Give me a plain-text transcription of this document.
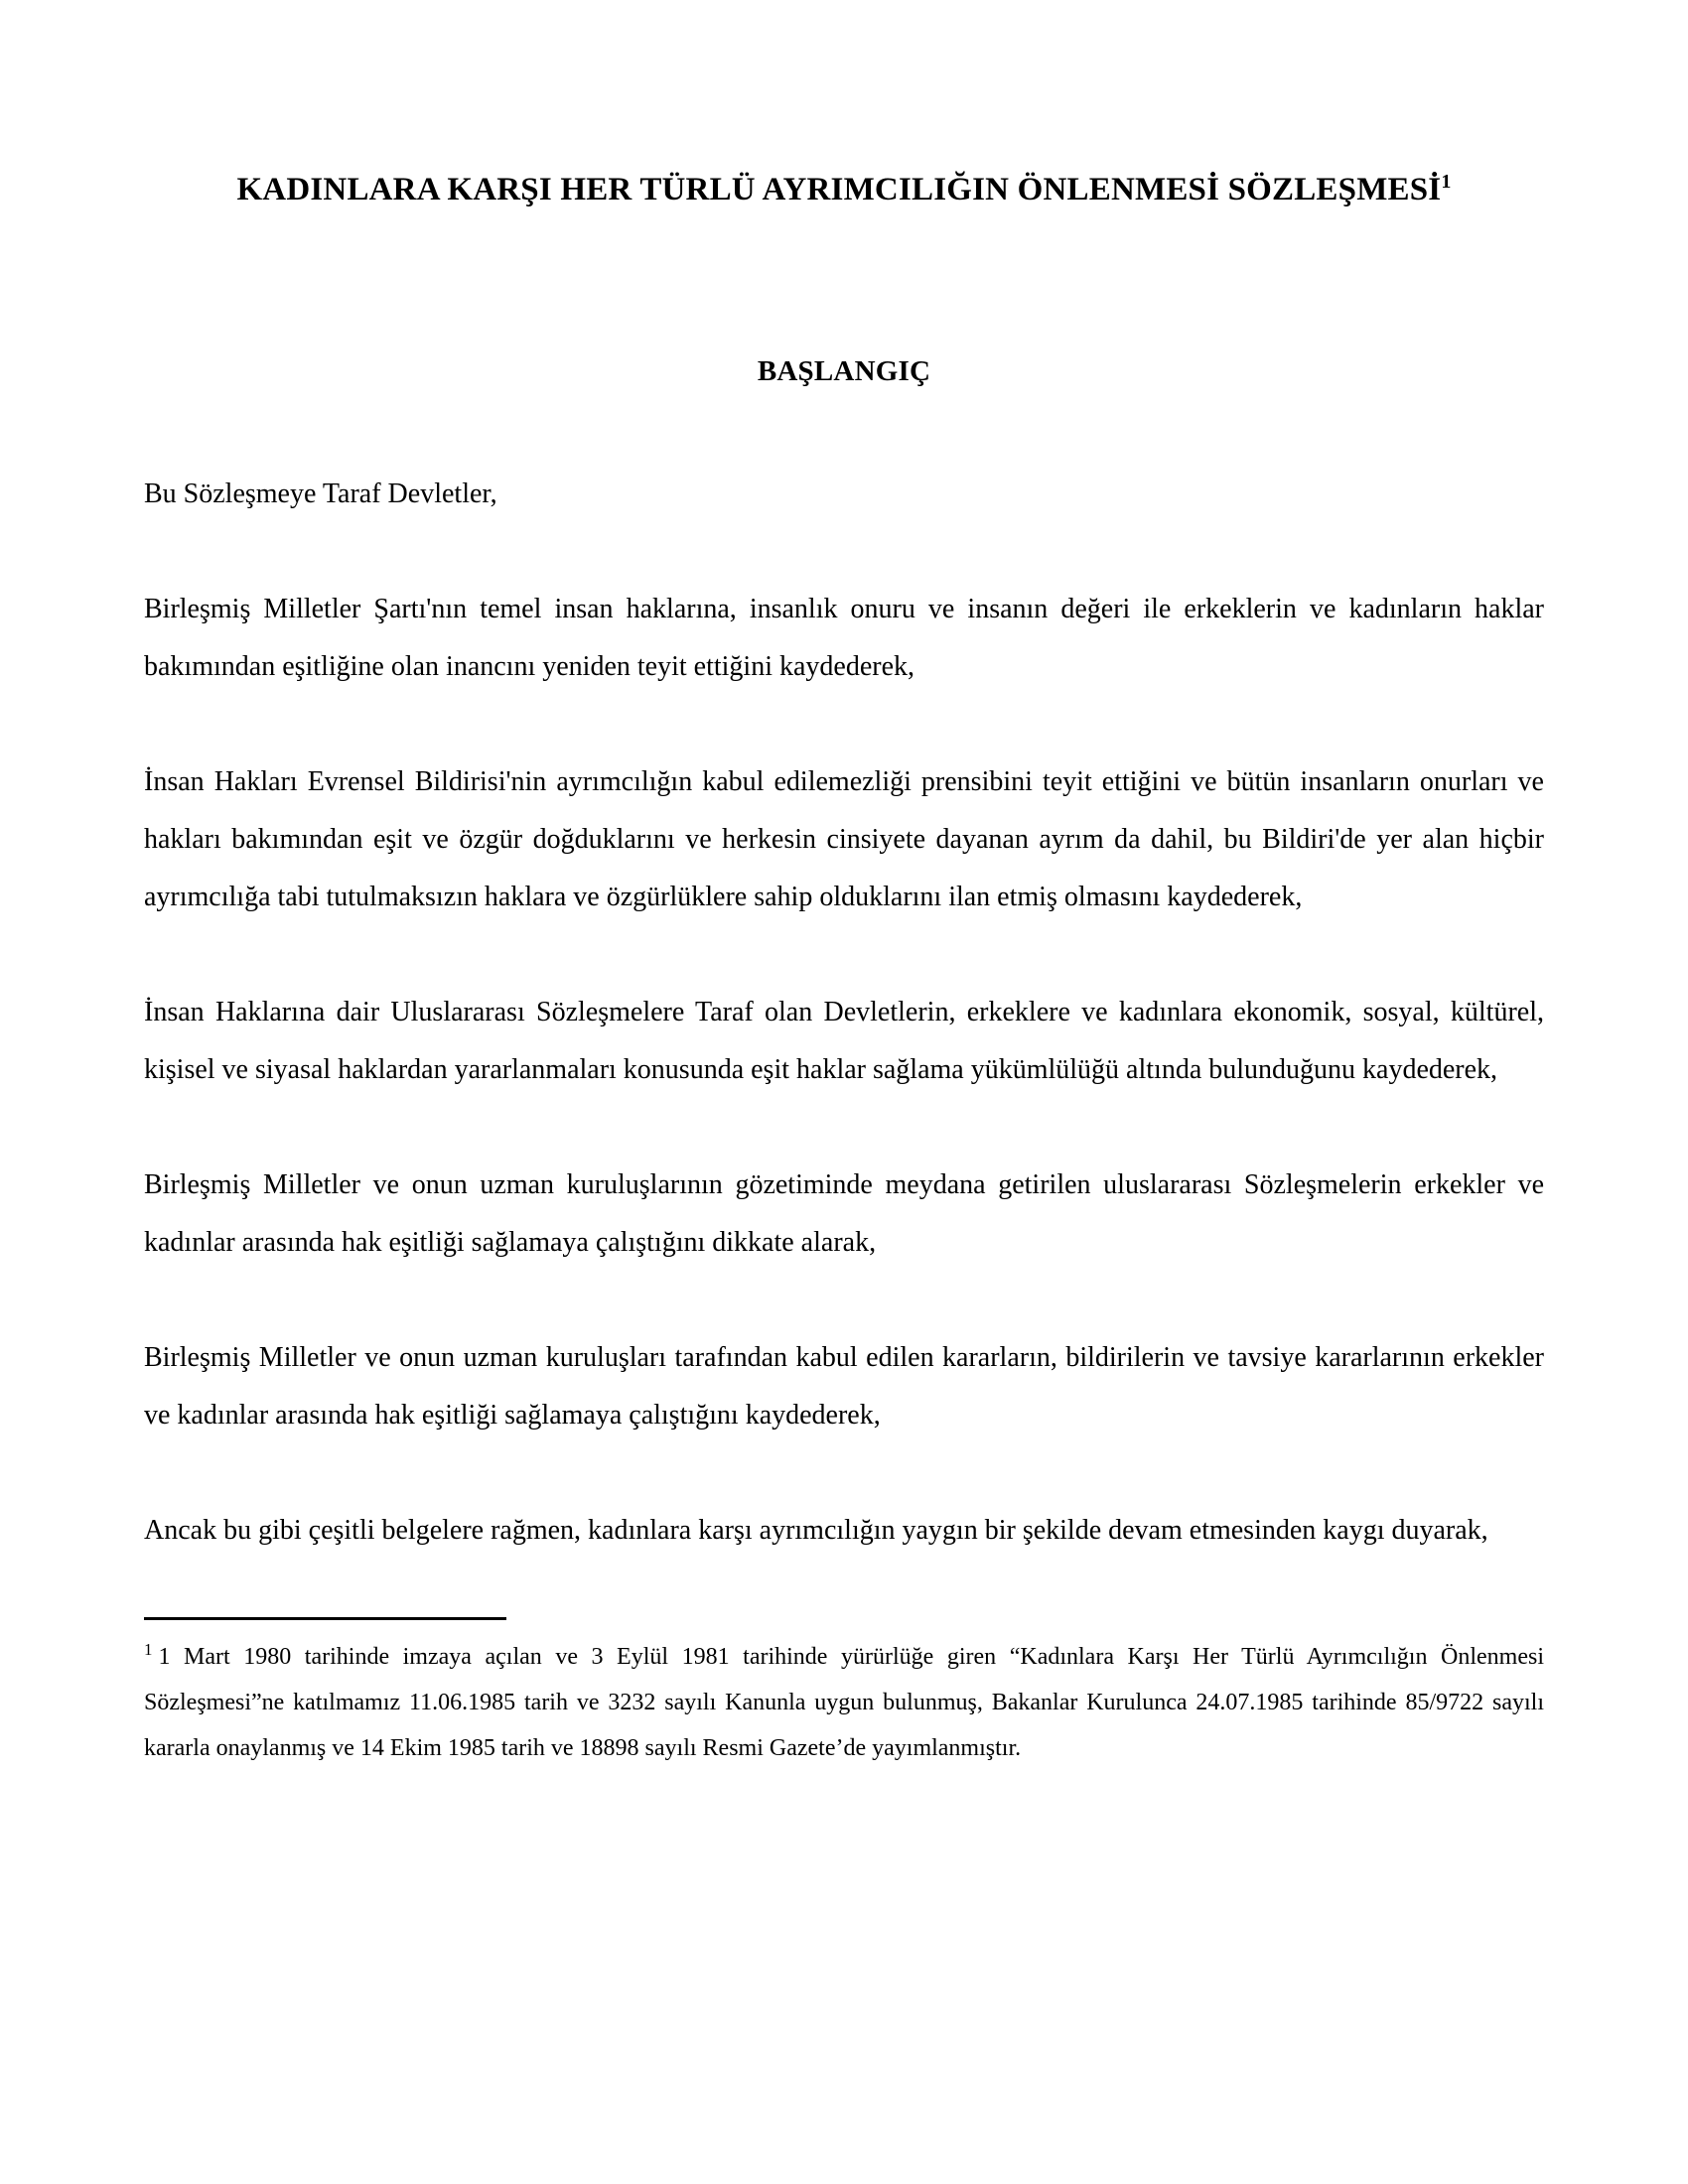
KADINLARA KARŞI HER TÜRLÜ AYRIMCILIĞIN ÖNLENMESİ SÖZLEŞMESİ$^1$
BAŞLANGIÇ

Bu Sözleşmeye Taraf Devletler,

Birleşmiş Milletler Şartı'nın temel insan haklarına, insanlık onuru ve insanın değeri ile erkeklerin ve kadınların haklar bakımından eşitliğine olan inancını yeniden teyit ettiğini kaydederek,

İnsan Hakları Evrensel Bildirisi'nin ayrımcılığın kabul edilemezliği prensibini teyit ettiğini ve bütün insanların onurları ve hakları bakımından eşit ve özgür doğduklarını ve herkesin cinsiyete dayanan ayrım da dahil, bu Bildiri'de yer alan hiçbir ayrımcılığa tabi tutulmaksızın haklara ve özgürlüklere sahip olduklarını ilan etmiş olmasını kaydederek,

İnsan Haklarına dair Uluslararası Sözleşmelere Taraf olan Devletlerin, erkeklere ve kadınlara ekonomik, sosyal, kültürel, kişisel ve siyasal haklardan yararlanmaları konusunda eşit haklar sağlama yükümlülüğü altında bulunduğunu kaydederek,

Birleşmiş Milletler ve onun uzman kuruluşlarının gözetiminde meydana getirilen uluslararası Sözleşmelerin erkekler ve kadınlar arasında hak eşitliği sağlamaya çalıştığını dikkate alarak,

Birleşmiş Milletler ve onun uzman kuruluşları tarafından kabul edilen kararların, bildirilerin ve tavsiye kararlarının erkekler ve kadınlar arasında hak eşitliği sağlamaya çalıştığını kaydederek,

Ancak bu gibi çeşitli belgelere rağmen, kadınlara karşı ayrımcılığın yaygın bir şekilde devam etmesinden kaygı duyarak,

$^1$ 1 Mart 1980 tarihinde imzaya açılan ve 3 Eylül 1981 tarihinde yürürlüğe giren “Kadınlara Karşı Her Türlü Ayrımcılığın Önlenmesi Sözleşmesi”ne katılmamız 11.06.1985 tarih ve 3232 sayılı Kanunla uygun bulunmuş, Bakanlar Kurulunca 24.07.1985 tarihinde 85/9722 sayılı kararla onaylanmış ve 14 Ekim 1985 tarih ve 18898 sayılı Resmi Gazete’de yayımlanmıştır.
